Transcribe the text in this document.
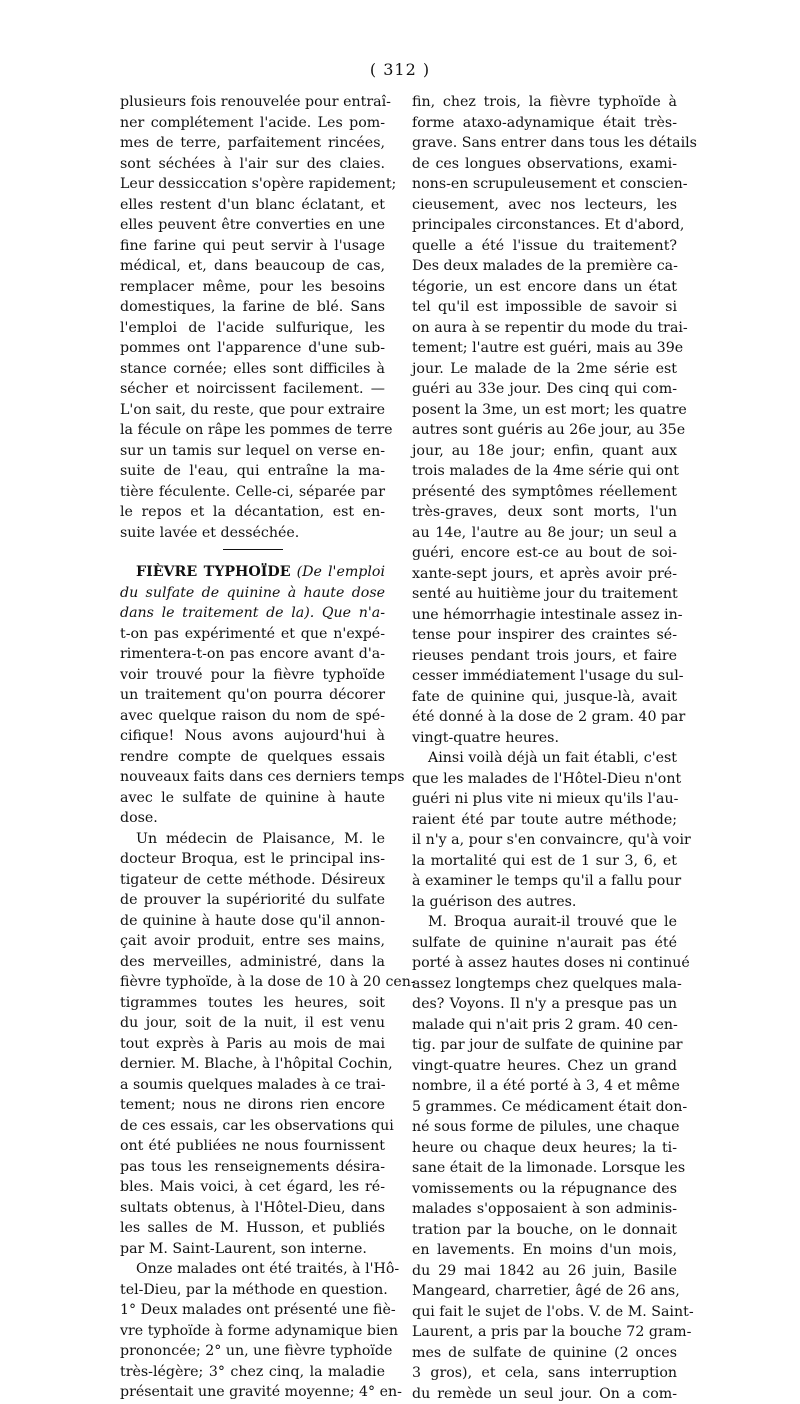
( 312 )
plusieurs fois renouvelée pour entraî-
ner complétement l'acide. Les pom-
mes de terre, parfaitement rincées,
sont séchées à l'air sur des claies.
Leur dessiccation s'opère rapidement;
elles restent d'un blanc éclatant, et
elles peuvent être converties en une
fine farine qui peut servir à l'usage
médical, et, dans beaucoup de cas,
remplacer même, pour les besoins
domestiques, la farine de blé. Sans
l'emploi de l'acide sulfurique, les
pommes ont l'apparence d'une sub-
stance cornée; elles sont difficiles à
sécher et noircissent facilement. —
L'on sait, du reste, que pour extraire
la fécule on râpe les pommes de terre
sur un tamis sur lequel on verse en-
suite de l'eau, qui entraîne la ma-
tière féculente. Celle-ci, séparée par
le repos et la décantation, est en-
suite lavée et desséchée.
FIÈVRE TYPHOÏDE (De l'emploi
du sulfate de quinine à haute dose
dans le traitement de la). Que n'a-
t-on pas expérimenté et que n'expé-
rimentera-t-on pas encore avant d'a-
voir trouvé pour la fièvre typhoïde
un traitement qu'on pourra décorer
avec quelque raison du nom de spé-
cifique! Nous avons aujourd'hui à
rendre compte de quelques essais
nouveaux faits dans ces derniers temps
avec le sulfate de quinine à haute
dose.
Un médecin de Plaisance, M. le
docteur Broqua, est le principal ins-
tigateur de cette méthode. Désireux
de prouver la supériorité du sulfate
de quinine à haute dose qu'il annon-
çait avoir produit, entre ses mains,
des merveilles, administré, dans la
fièvre typhoïde, à la dose de 10 à 20 cen-
tigrammes toutes les heures, soit
du jour, soit de la nuit, il est venu
tout exprès à Paris au mois de mai
dernier. M. Blache, à l'hôpital Cochin,
a soumis quelques malades à ce trai-
tement; nous ne dirons rien encore
de ces essais, car les observations qui
ont été publiées ne nous fournissent
pas tous les renseignements désira-
bles. Mais voici, à cet égard, les ré-
sultats obtenus, à l'Hôtel-Dieu, dans
les salles de M. Husson, et publiés
par M. Saint-Laurent, son interne.
Onze malades ont été traités, à l'Hô-
tel-Dieu, par la méthode en question.
1° Deux malades ont présenté une fiè-
vre typhoïde à forme adynamique bien
prononcée; 2° un, une fièvre typhoïde
très-légère; 3° chez cinq, la maladie
présentait une gravité moyenne; 4° en-
fin, chez trois, la fièvre typhoïde à
forme ataxo-adynamique était très-
grave. Sans entrer dans tous les détails
de ces longues observations, exami-
nons-en scrupuleusement et conscien-
cieusement, avec nos lecteurs, les
principales circonstances. Et d'abord,
quelle a été l'issue du traitement?
Des deux malades de la première ca-
tégorie, un est encore dans un état
tel qu'il est impossible de savoir si
on aura à se repentir du mode du trai-
tement; l'autre est guéri, mais au 39e
jour. Le malade de la 2me série est
guéri au 33e jour. Des cinq qui com-
posent la 3me, un est mort; les quatre
autres sont guéris au 26e jour, au 35e
jour, au 18e jour; enfin, quant aux
trois malades de la 4me série qui ont
présenté des symptômes réellement
très-graves, deux sont morts, l'un
au 14e, l'autre au 8e jour; un seul a
guéri, encore est-ce au bout de soi-
xante-sept jours, et après avoir pré-
senté au huitième jour du traitement
une hémorrhagie intestinale assez in-
tense pour inspirer des craintes sé-
rieuses pendant trois jours, et faire
cesser immédiatement l'usage du sul-
fate de quinine qui, jusque-là, avait
été donné à la dose de 2 gram. 40 par
vingt-quatre heures.
Ainsi voilà déjà un fait établi, c'est
que les malades de l'Hôtel-Dieu n'ont
guéri ni plus vite ni mieux qu'ils l'au-
raient été par toute autre méthode;
il n'y a, pour s'en convaincre, qu'à voir
la mortalité qui est de 1 sur 3, 6, et
à examiner le temps qu'il a fallu pour
la guérison des autres.
M. Broqua aurait-il trouvé que le
sulfate de quinine n'aurait pas été
porté à assez hautes doses ni continué
assez longtemps chez quelques mala-
des? Voyons. Il n'y a presque pas un
malade qui n'ait pris 2 gram. 40 cen-
tig. par jour de sulfate de quinine par
vingt-quatre heures. Chez un grand
nombre, il a été porté à 3, 4 et même
5 grammes. Ce médicament était don-
né sous forme de pilules, une chaque
heure ou chaque deux heures; la ti-
sane était de la limonade. Lorsque les
vomissements ou la répugnance des
malades s'opposaient à son adminis-
tration par la bouche, on le donnait
en lavements. En moins d'un mois,
du 29 mai 1842 au 26 juin, Basile
Mangeard, charretier, âgé de 26 ans,
qui fait le sujet de l'obs. V. de M. Saint-
Laurent, a pris par la bouche 72 gram-
mes de sulfate de quinine (2 onces
3 gros), et cela, sans interruption
du remède un seul jour. On a com-
